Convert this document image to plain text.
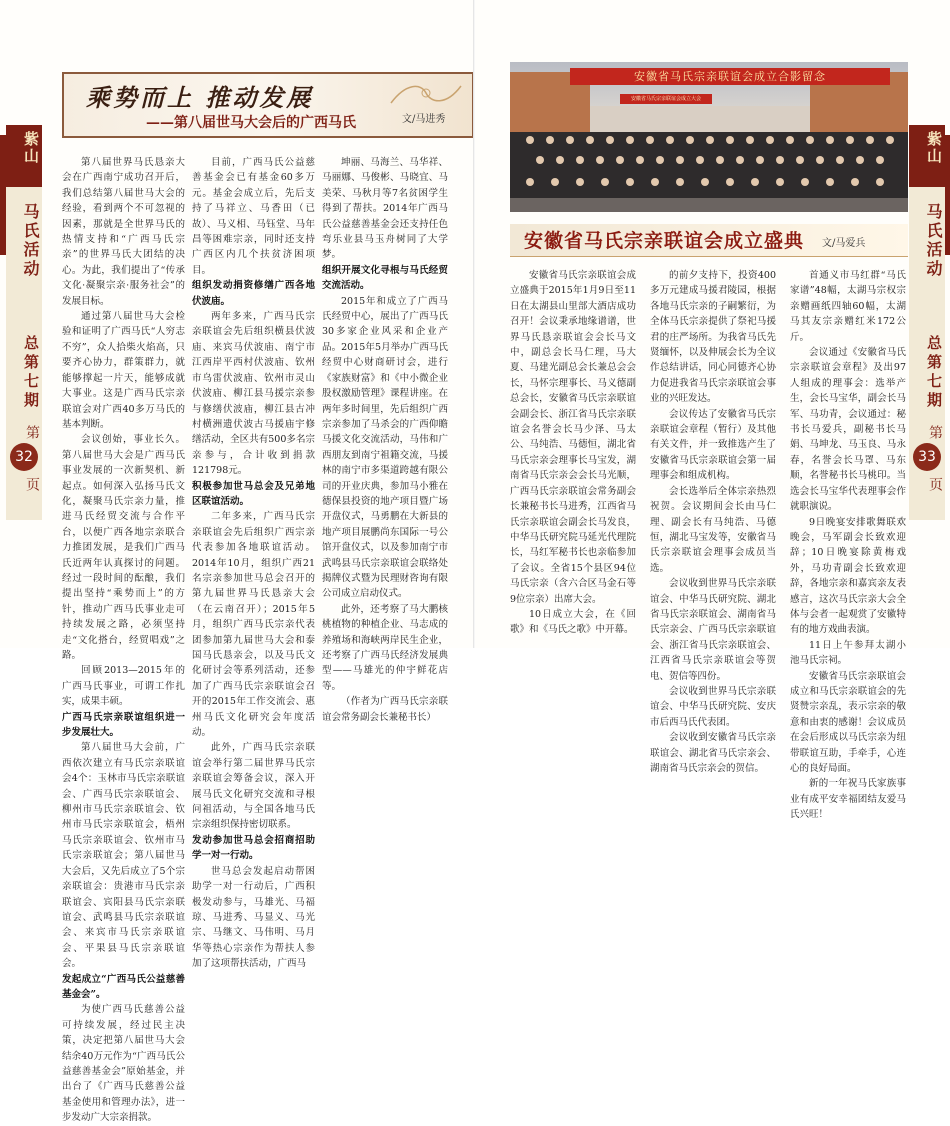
紫山
马氏活动
总第七期
第
32
页
乘势而上 推动发展
——第八届世马大会后的广西马氏	文/马进秀

第八届世界马氏恳亲大会在广西南宁成功召开后，我们总结第八届世马大会的经验，看到两个不可忽视的因素，那就是全世界马氏的热情支持和“广西马氏宗亲”的世界马氏大团结的决心。为此，我们提出了“传承文化·凝聚宗亲·服务社会”的发展目标。

通过第八届世马大会检验和证明了广西马氏“人穷志不穷”，众人拾柴火焰高，只要齐心协力，群策群力，就能够撑起一片天，能够成就大事业。这是广西马氏宗亲联谊会对广西40多万马氏的基本判断。

会议创始，事业长久。第八届世马大会是广西马氏事业发展的一次新契机、新起点。如何深入弘扬马氏文化，凝聚马氏宗亲力量，推进马氏经贸交流与合作平台，以便广西各地宗亲联合力推团发展，是我们广西马氏近两年认真探讨的问题。经过一段时间的酝酿，我们提出坚持“乘势而上”的方针，推动广西马氏事业走可持续发展之路，必须坚持走“文化搭台，经贸唱戏”之路。

回顾2013—2015年的广西马氏事业，可谓工作扎实，成果丰硕。

广西马氏宗亲联谊组织进一步发展壮大。

第八届世马大会前，广西依次建立有马氏宗亲联谊会4个：玉林市马氏宗亲联谊会、广西马氏宗亲联谊会、柳州市马氏宗亲联谊会、钦州市马氏宗亲联谊会，梧州马氏宗亲联谊会、钦州市马氏宗亲联谊会；第八届世马大会后，又先后成立了5个宗亲联谊会：贵港市马氏宗亲联谊会、宾阳县马氏宗亲联谊会、武鸣县马氏宗亲联谊会、来宾市马氏宗亲联谊会、平果县马氏宗亲联谊会。

发起成立“广西马氏公益慈善基金会”。

为使广西马氏慈善公益可持续发展，经过民主决策，决定把第八届世马大会结余40万元作为“广西马氏公益慈善基金会”原始基金，并出台了《广西马氏慈善公益基金使用和管理办法》，进一步发动广大宗亲捐款。

目前，广西马氏公益慈善基金会已有基金60多万元。基金会成立后，先后支持了马祥立、马香田（已故）、马义相、马钰堂、马年昌等困难宗亲，同时还支持广西区内几个扶贫济困项目。

组织发动捐资修缮广西各地伏波庙。

两年多来，广西马氏宗亲联谊会先后组织横县伏波庙、来宾马伏波庙、南宁市江西岸平西村伏波庙、钦州市乌雷伏波庙、钦州市灵山伏波庙、柳江县马援宗亲参与修缮伏波庙，柳江县古冲村横洲遗伏波古马援庙宇修缮活动，全区共有500多名宗亲参与，合计收到捐款121798元。

积极参加世马总会及兄弟地区联谊活动。

二年多来，广西马氏宗亲联谊会先后组织广西宗亲代表参加各地联谊活动。2014年10月，组织广西21名宗亲参加世马总会召开的第九届世界马氏恳亲大会（在云南召开）；2015年5月，组织广西马氏宗亲代表团参加第九届世马大会和泰国马氏恳亲会，以及马氏文化研讨会等系列活动，还参加了广西马氏宗亲联谊会召开的2015年工作交流会、惠州马氏文化研究会年度活动。

此外，广西马氏宗亲联谊会举行第二届世界马氏宗亲联谊会筹备会议，深入开展马氏文化研究交流和寻根问祖活动，与全国各地马氏宗亲组织保持密切联系。

发动参加世马总会招商招助学一对一行动。

世马总会发起启动帮困助学一对一行动后，广西积极发动参与，马雄光、马福琼、马进秀、马显义、马光宗、马继文、马伟明、马月华等热心宗亲作为帮扶人参加了这项帮扶活动，广西马

坤丽、马海兰、马华祥、马丽娜、马俊彬、马晓宜、马美荣、马秋月等7名贫困学生得到了帮扶。2014年广西马氏公益慈善基金会还支持任色弯乐业县马玉舟树同了大学梦。

组织开展文化寻根与马氏经贸交流活动。

2015年和成立了广西马氏经贸中心，展出了广西马氏30多家企业风采和企业产品。2015年5月举办广西马氏经贸中心财商研讨会，进行《家族财富》和《中小微企业股权激励管理》课程讲座。在两年多时间里，先后组织广西宗亲参加了马杀会的广西仰瞻马援文化交流活动，马伟和广西朋友到南宁祖籍交流，马援林的南宁市多渠道跨越有限公司的开业庆典，参加马小雅在德保县投资的地产项目暨广场开盘仪式，马勇鹏在大新县的地产项目展鹏尚东国际一号公馆开盘仪式，以及参加南宁市武鸣县马氏宗亲联谊会联络处揭牌仪式暨为民理财咨询有限公司成立启动仪式。

此外，还考察了马大鹏核桃植物的种植企业、马志成的养殖场和海峡两岸民生企业，还考察了广西马氏经济发展典型——马雄光的仲宇鲜花店等。

（作者为广西马氏宗亲联谊会常务副会长兼秘书长）

安徽省马氏宗亲联谊会成立合影留念
安徽省马氏宗亲联谊会成立大会
安徽省马氏宗亲联谊会成立盛典 文/马爱兵

安徽省马氏宗亲联谊会成立盛典于2015年1月9日至11日在太湖县山里部大酒店成功召开！会议秉承地缘谱谱，世界马氏恳亲联谊会会长马文中，副总会长马仁理，马大夏、马建光副总会长兼总会会长，马怀宗理事长、马义德副总会长，安徽省马氏宗亲联谊会副会长、浙江省马氏宗亲联谊会名誉会长马少泽、马太公、马纯浩、马德恒，湖北省马氏宗亲会理事长马宝发，湖南省马氏宗亲会会长马光顺，广西马氏宗亲联谊会常务副会长兼秘书长马进秀，江西省马氏宗亲联谊会副会长马发良，中华马氏研究院马延光代理院长，马红军秘书长也亲临参加了会议。全省15个县区94位马氏宗亲（含六合区马金石等9位宗亲）出席大会。

10日成立大会，在《回歌》和《马氏之歌》中开幕。

的前夕支持下，投资400多万元建成马援君陵园，根据各地马氏宗亲的子嗣繁衍，为全体马氏宗亲提供了祭祀马援君的庄严场所。为我省马氏先贤缅怀，以及伸展会长为全议作总结讲话，同心同德齐心协力促进我省马氏宗亲联谊会事业的兴旺发达。

会议传达了安徽省马氏宗亲联谊会章程（暂行）及其他有关文件，并一致推选产生了安徽省马氏宗亲联谊会第一届理事会和组成机构。

会长选举后全体宗亲热烈祝贺。会议期间会长由马仁理、副会长有马纯浩、马德恒，湖北马宝发等，安徽省马氏宗亲联谊会理事会成员当选。

会议收到世界马氏宗亲联谊会、中华马氏研究院、湖北省马氏宗亲联谊会、湖南省马氏宗亲会、广西马氏宗亲联谊会、浙江省马氏宗亲联谊会、江西省马氏宗亲联谊会等贺电、贺信等四份。

会议收到世界马氏宗亲联谊会、中华马氏研究院、安庆市后西马氏代表团。

会议收到安徽省马氏宗亲联谊会、湖北省马氏宗亲会、湖南省马氏宗亲会的贺信。

首通义市马红群“马氏家谱”48幅，太湖马宗权宗亲赠画纸四轴60幅，太湖马其友宗亲赠红米172公斤。

会议通过《安徽省马氏宗亲联谊会章程》及出97人组成的理事会：选举产生，会长马宝华，副会长马军、马功青，会议通过：秘书长马爱兵，副秘书长马娟、马坤龙、马玉良、马永春，名誉会长马罩、马东顺，名誉秘书长马桃印。当选会长马宝华代表理事会作就职演说。

9日晚宴安排歌舞联欢晚会，马军副会长致欢迎辞；10日晚宴除黄梅戏外，马功青副会长致欢迎辞，各地宗亲和嘉宾亲友表感言，这次马氏宗亲大会全体与会者一起观赏了安徽特有的地方戏曲表演。

11日上午参拜太湖小池马氏宗祠。

安徽省马氏宗亲联谊会成立和马氏宗亲联谊会的先贤赞宗亲乱，表示宗亲的敬意和由衷的感谢！会议成员在会后形成以马氏宗亲为纽带联谊互助，手牵手，心连心的良好局面。

新的一年祝马氏家族事业有成平安幸福团结友爱马氏兴旺！

紫山
马氏活动
总第七期
第
33
页
